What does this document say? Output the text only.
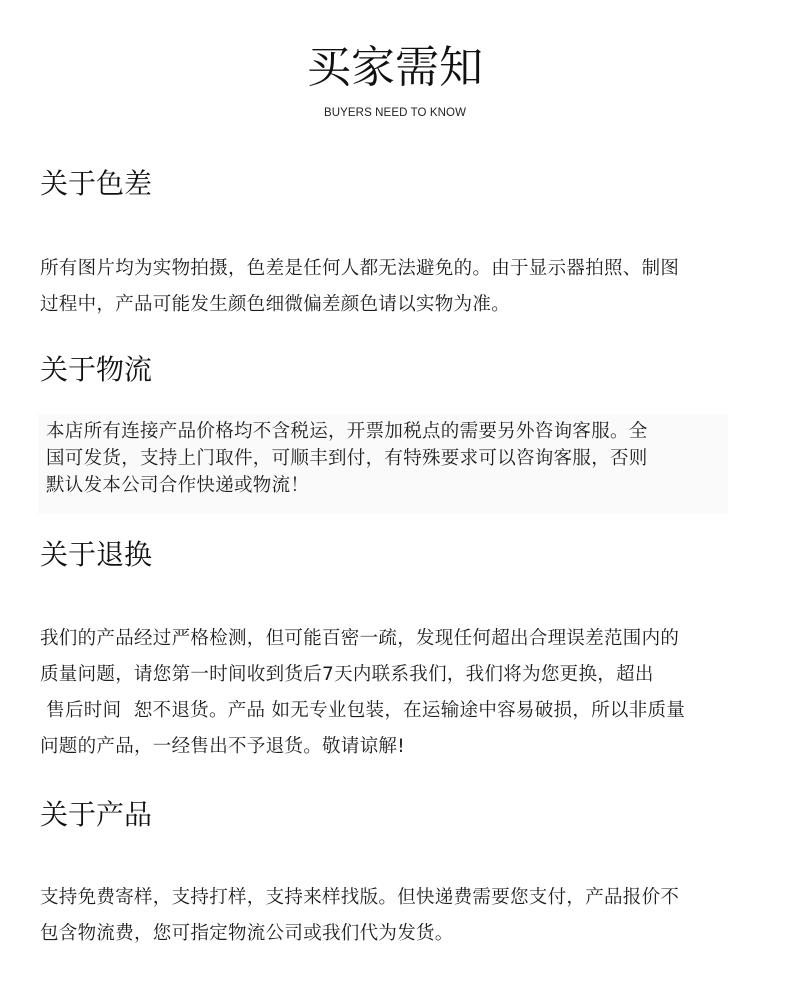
买家需知
BUYERS NEED TO KNOW
关于色差

所有图片均为实物拍摄，色差是任何人都无法避免的。由于显示器拍照、制图

过程中，产品可能发生颜色细微偏差颜色请以实物为准。

关于物流

本店所有连接产品价格均不含税运，开票加税点的需要另外咨询客服。全

国可发货，支持上门取件，可顺丰到付，有特殊要求可以咨询客服，否则

默认发本公司合作快递或物流！

关于退换

我们的产品经过严格检测，但可能百密一疏，发现任何超出合理误差范围内的

质量问题，请您第一时间收到货后7天内联系我们，我们将为您更换，超出

售后时间  恕不退货。产品 如无专业包装，在运输途中容易破损，所以非质量

问题的产品，一经售出不予退货。敬请谅解!

关于产品

支持免费寄样，支持打样，支持来样找版。但快递费需要您支付，产品报价不

包含物流费，您可指定物流公司或我们代为发货。
